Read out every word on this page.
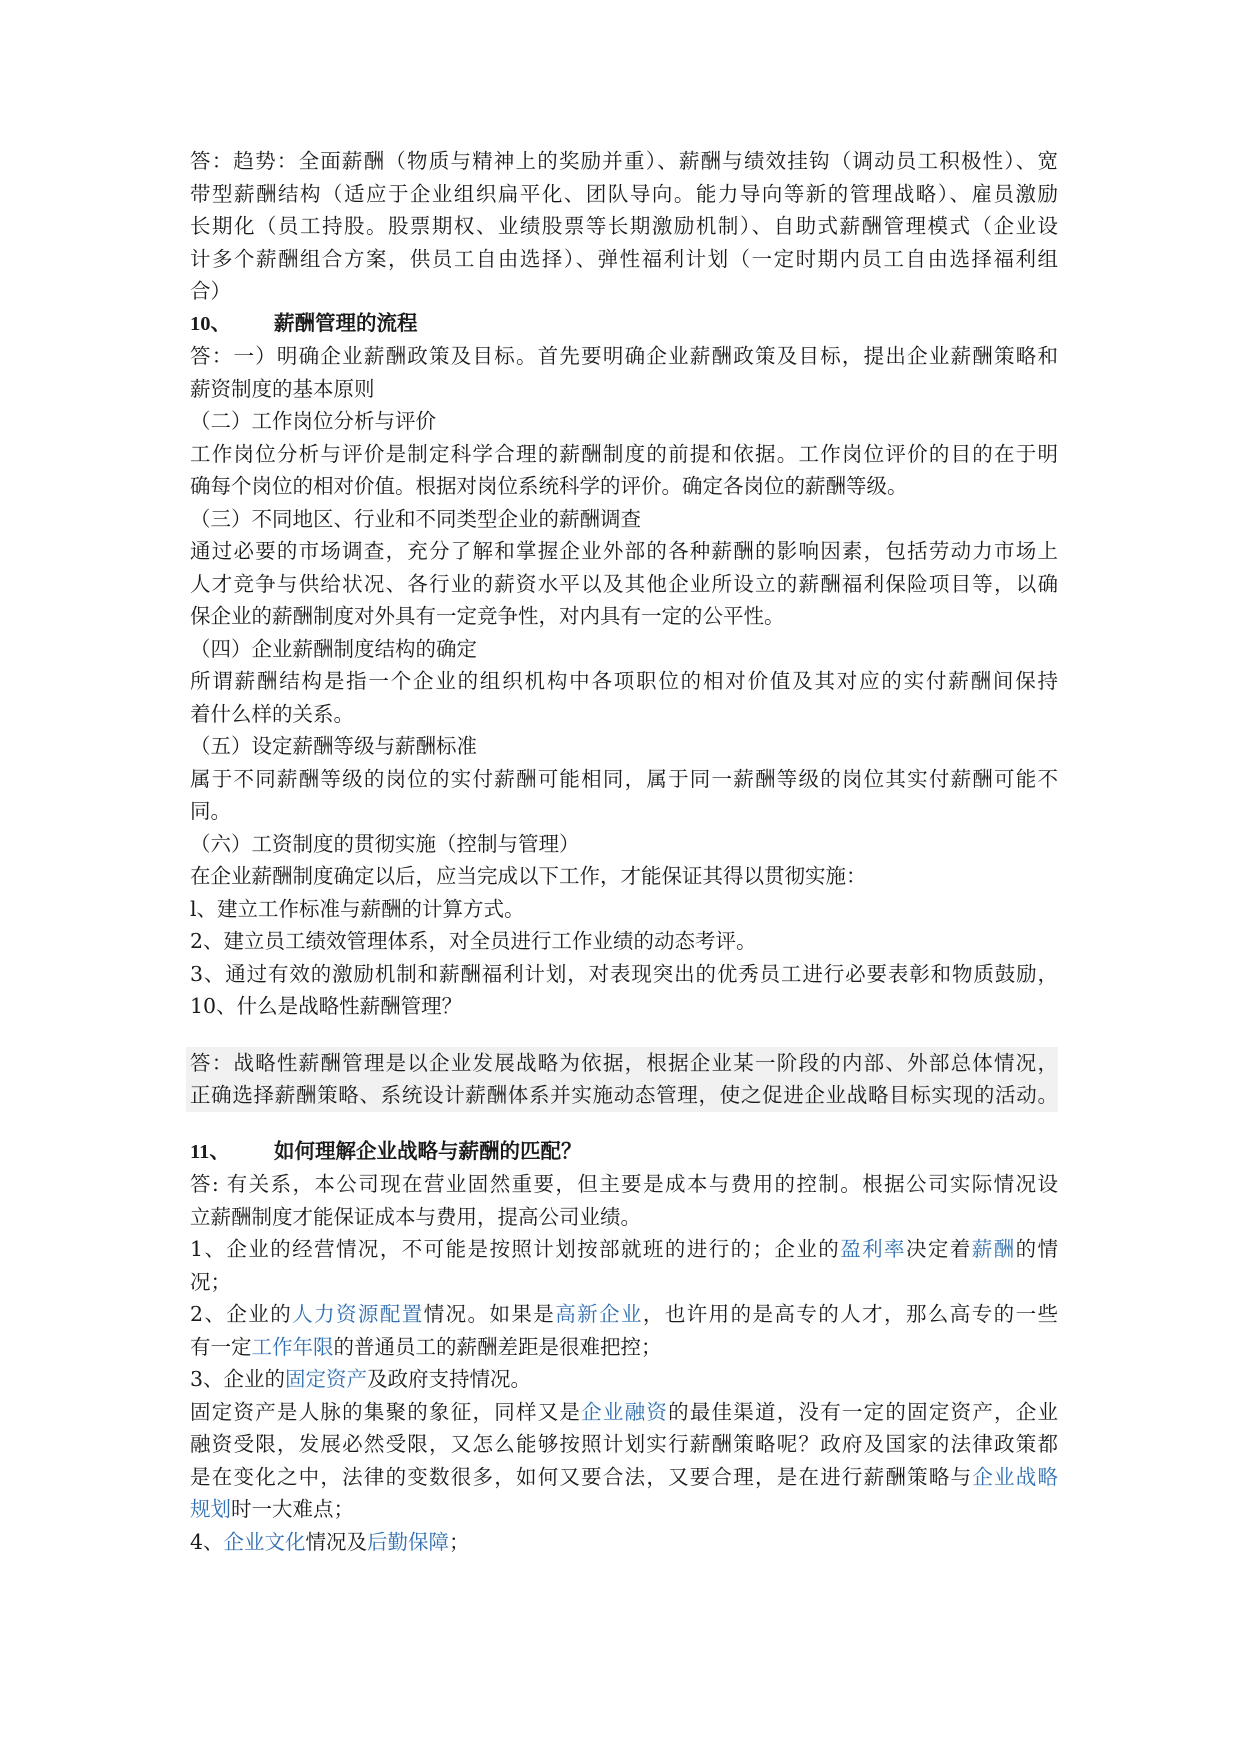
答：趋势：全面薪酬（物质与精神上的奖励并重）、薪酬与绩效挂钩（调动员工积极性）、宽
带型薪酬结构（适应于企业组织扁平化、团队导向。能力导向等新的管理战略）、雇员激励
长期化（员工持股。股票期权、业绩股票等长期激励机制）、自助式薪酬管理模式（企业设
计多个薪酬组合方案，供员工自由选择）、弹性福利计划（一定时期内员工自由选择福利组
合）
10、 薪酬管理的流程
答：一）明确企业薪酬政策及目标。首先要明确企业薪酬政策及目标，提出企业薪酬策略和
薪资制度的基本原则
（二）工作岗位分析与评价
工作岗位分析与评价是制定科学合理的薪酬制度的前提和依据。工作岗位评价的目的在于明
确每个岗位的相对价值。根据对岗位系统科学的评价。确定各岗位的薪酬等级。
（三）不同地区、行业和不同类型企业的薪酬调查
通过必要的市场调查，充分了解和掌握企业外部的各种薪酬的影响因素，包括劳动力市场上
人才竞争与供给状况、各行业的薪资水平以及其他企业所设立的薪酬福利保险项目等，以确
保企业的薪酬制度对外具有一定竞争性，对内具有一定的公平性。
（四）企业薪酬制度结构的确定
所谓薪酬结构是指一个企业的组织机构中各项职位的相对价值及其对应的实付薪酬间保持
着什么样的关系。
（五）设定薪酬等级与薪酬标准
属于不同薪酬等级的岗位的实付薪酬可能相同，属于同一薪酬等级的岗位其实付薪酬可能不
同。
（六）工资制度的贯彻实施（控制与管理）
在企业薪酬制度确定以后，应当完成以下工作，才能保证其得以贯彻实施：
l、建立工作标准与薪酬的计算方式。
2、建立员工绩效管理体系，对全员进行工作业绩的动态考评。
3、通过有效的激励机制和薪酬福利计划，对表现突出的优秀员工进行必要表彰和物质鼓励，
10、什么是战略性薪酬管理？
答：战略性薪酬管理是以企业发展战略为依据，根据企业某一阶段的内部、外部总体情况，
正确选择薪酬策略、系统设计薪酬体系并实施动态管理，使之促进企业战略目标实现的活动。
11、 如何理解企业战略与薪酬的匹配？
答: 有关系，本公司现在营业固然重要，但主要是成本与费用的控制。根据公司实际情况设
立薪酬制度才能保证成本与费用，提高公司业绩。
1、企业的经营情况，不可能是按照计划按部就班的进行的；企业的盈利率决定着薪酬的情
况；
2、企业的人力资源配置情况。如果是高新企业，也许用的是高专的人才，那么高专的一些
有一定工作年限的普通员工的薪酬差距是很难把控；
3、企业的固定资产及政府支持情况。
固定资产是人脉的集聚的象征，同样又是企业融资的最佳渠道，没有一定的固定资产，企业
融资受限，发展必然受限，又怎么能够按照计划实行薪酬策略呢？政府及国家的法律政策都
是在变化之中，法律的变数很多，如何又要合法，又要合理，是在进行薪酬策略与企业战略
规划时一大难点；
4、企业文化情况及后勤保障；
